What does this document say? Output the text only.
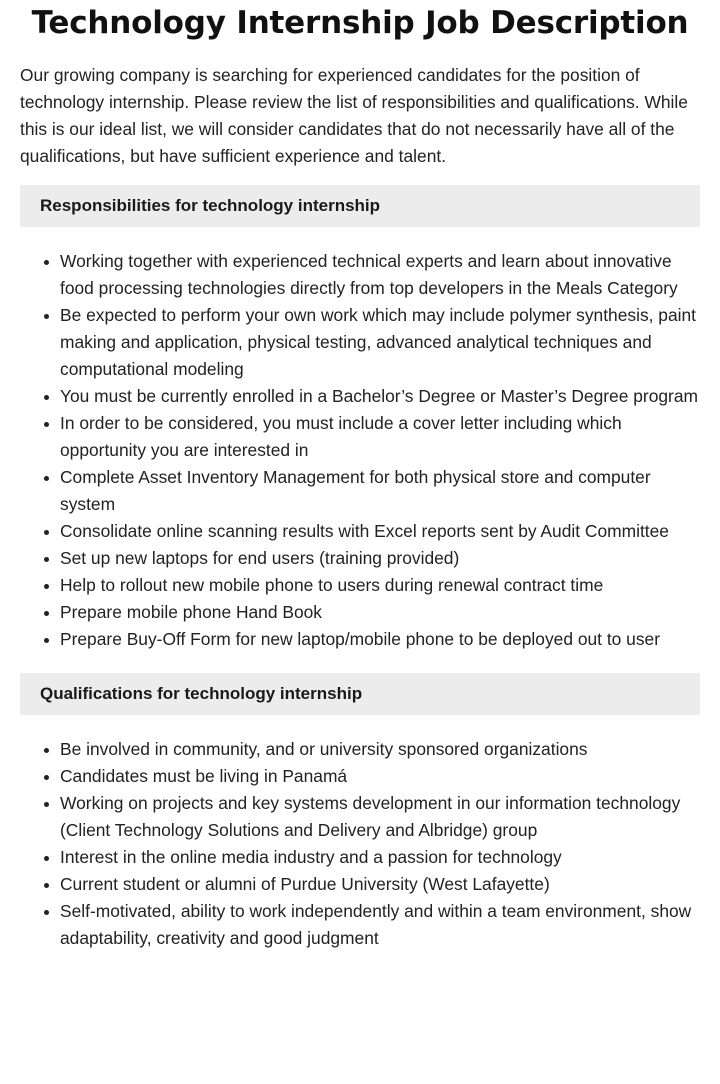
Technology Internship Job Description

Our growing company is searching for experienced candidates for the position of technology internship. Please review the list of responsibilities and qualifications. While this is our ideal list, we will consider candidates that do not necessarily have all of the qualifications, but have sufficient experience and talent.

Responsibilities for technology internship
Working together with experienced technical experts and learn about innovative food processing technologies directly from top developers in the Meals Category
Be expected to perform your own work which may include polymer synthesis, paint making and application, physical testing, advanced analytical techniques and computational modeling
You must be currently enrolled in a Bachelor’s Degree or Master’s Degree program
In order to be considered, you must include a cover letter including which opportunity you are interested in
Complete Asset Inventory Management for both physical store and computer system
Consolidate online scanning results with Excel reports sent by Audit Committee
Set up new laptops for end users (training provided)
Help to rollout new mobile phone to users during renewal contract time
Prepare mobile phone Hand Book
Prepare Buy-Off Form for new laptop/mobile phone to be deployed out to user
Qualifications for technology internship
Be involved in community, and or university sponsored organizations
Candidates must be living in Panamá
Working on projects and key systems development in our information technology (Client Technology Solutions and Delivery and Albridge) group
Interest in the online media industry and a passion for technology
Current student or alumni of Purdue University (West Lafayette)
Self-motivated, ability to work independently and within a team environment, show adaptability, creativity and good judgment
